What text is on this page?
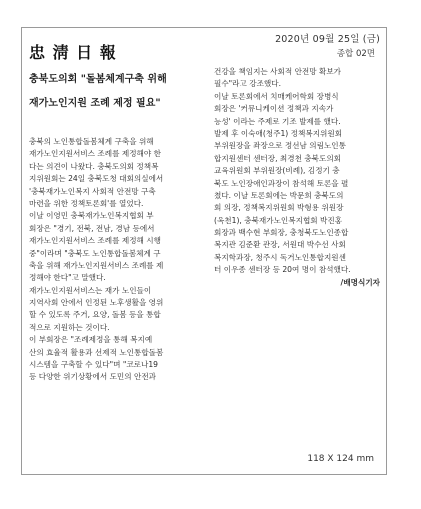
2020년 09월 25일 (금)
忠 淸 日 報	종합 02면
충북도의회 "돌봄체계구축 위해
재가노인지원 조례 제정 필요"
충북의 노인통합돌봄체계 구축을 위해
재가노인지원서비스 조례를 제정해야 한
다는 의견이 나왔다. 충북도의회 정책복
지위원회는 24일 충북도청 대회의실에서
'충북재가노인복지 사회적 안전망 구축
마련을 위한 정책토론회'를 열었다.
이날 이영민 충북재가노인복지협회 부
회장은 "경기, 전북, 전남, 경남 등에서
재가노인지원서비스 조례를 제정해 시행
중"이라며 "충북도 노인통합돌봄체계 구
축을 위해 재가노인지원서비스 조례를 제
정해야 한다"고 말했다.
재가노인지원서비스는 재가 노인들이
지역사회 안에서 인정된 노후생활을 영위
할 수 있도록 주거, 요양, 돌봄 등을 통합
적으로 지원하는 것이다.
이 부회장은 "조례제정을 통해 복지예
산의 효율적 활용과 선제적 노인통합돌봄
시스템을 구축할 수 있다"며 "코로나19
등 다양한 위기상황에서 도민의 안전과
건강을 책임지는 사회적 안전망 확보가
필수"라고 강조했다.
이날 토론회에서 치매케어학회 장병식
회장은 '커뮤니케이션 정책과 지속가
능성' 이라는 주제로 기조 발제를 했다.
발제 후 이숙애(청주1) 정책복지위원회
부위원장을 좌장으로 정선남 의림노인통
합지원센터 센터장, 최경천 충북도의회
교육위원회 부위원장(비례), 김정기 충
북도 노인장애인과장이 참석해 토론을 펼
쳤다. 이날 토론회에는 박문희 충북도의
회 의장, 정책복지위원회 박형용 위원장
(옥천1), 충북재가노인복지협회 박진홍
회장과 백수현 부회장, 충청북도노인종합
복지관 김준환 관장, 서원대 박수선 사회
복지학과장, 청주시 독거노인통합지원센
터 이우종 센터장 등 20여 명이 참석했다.
/배명식기자
118 X 124 mm
